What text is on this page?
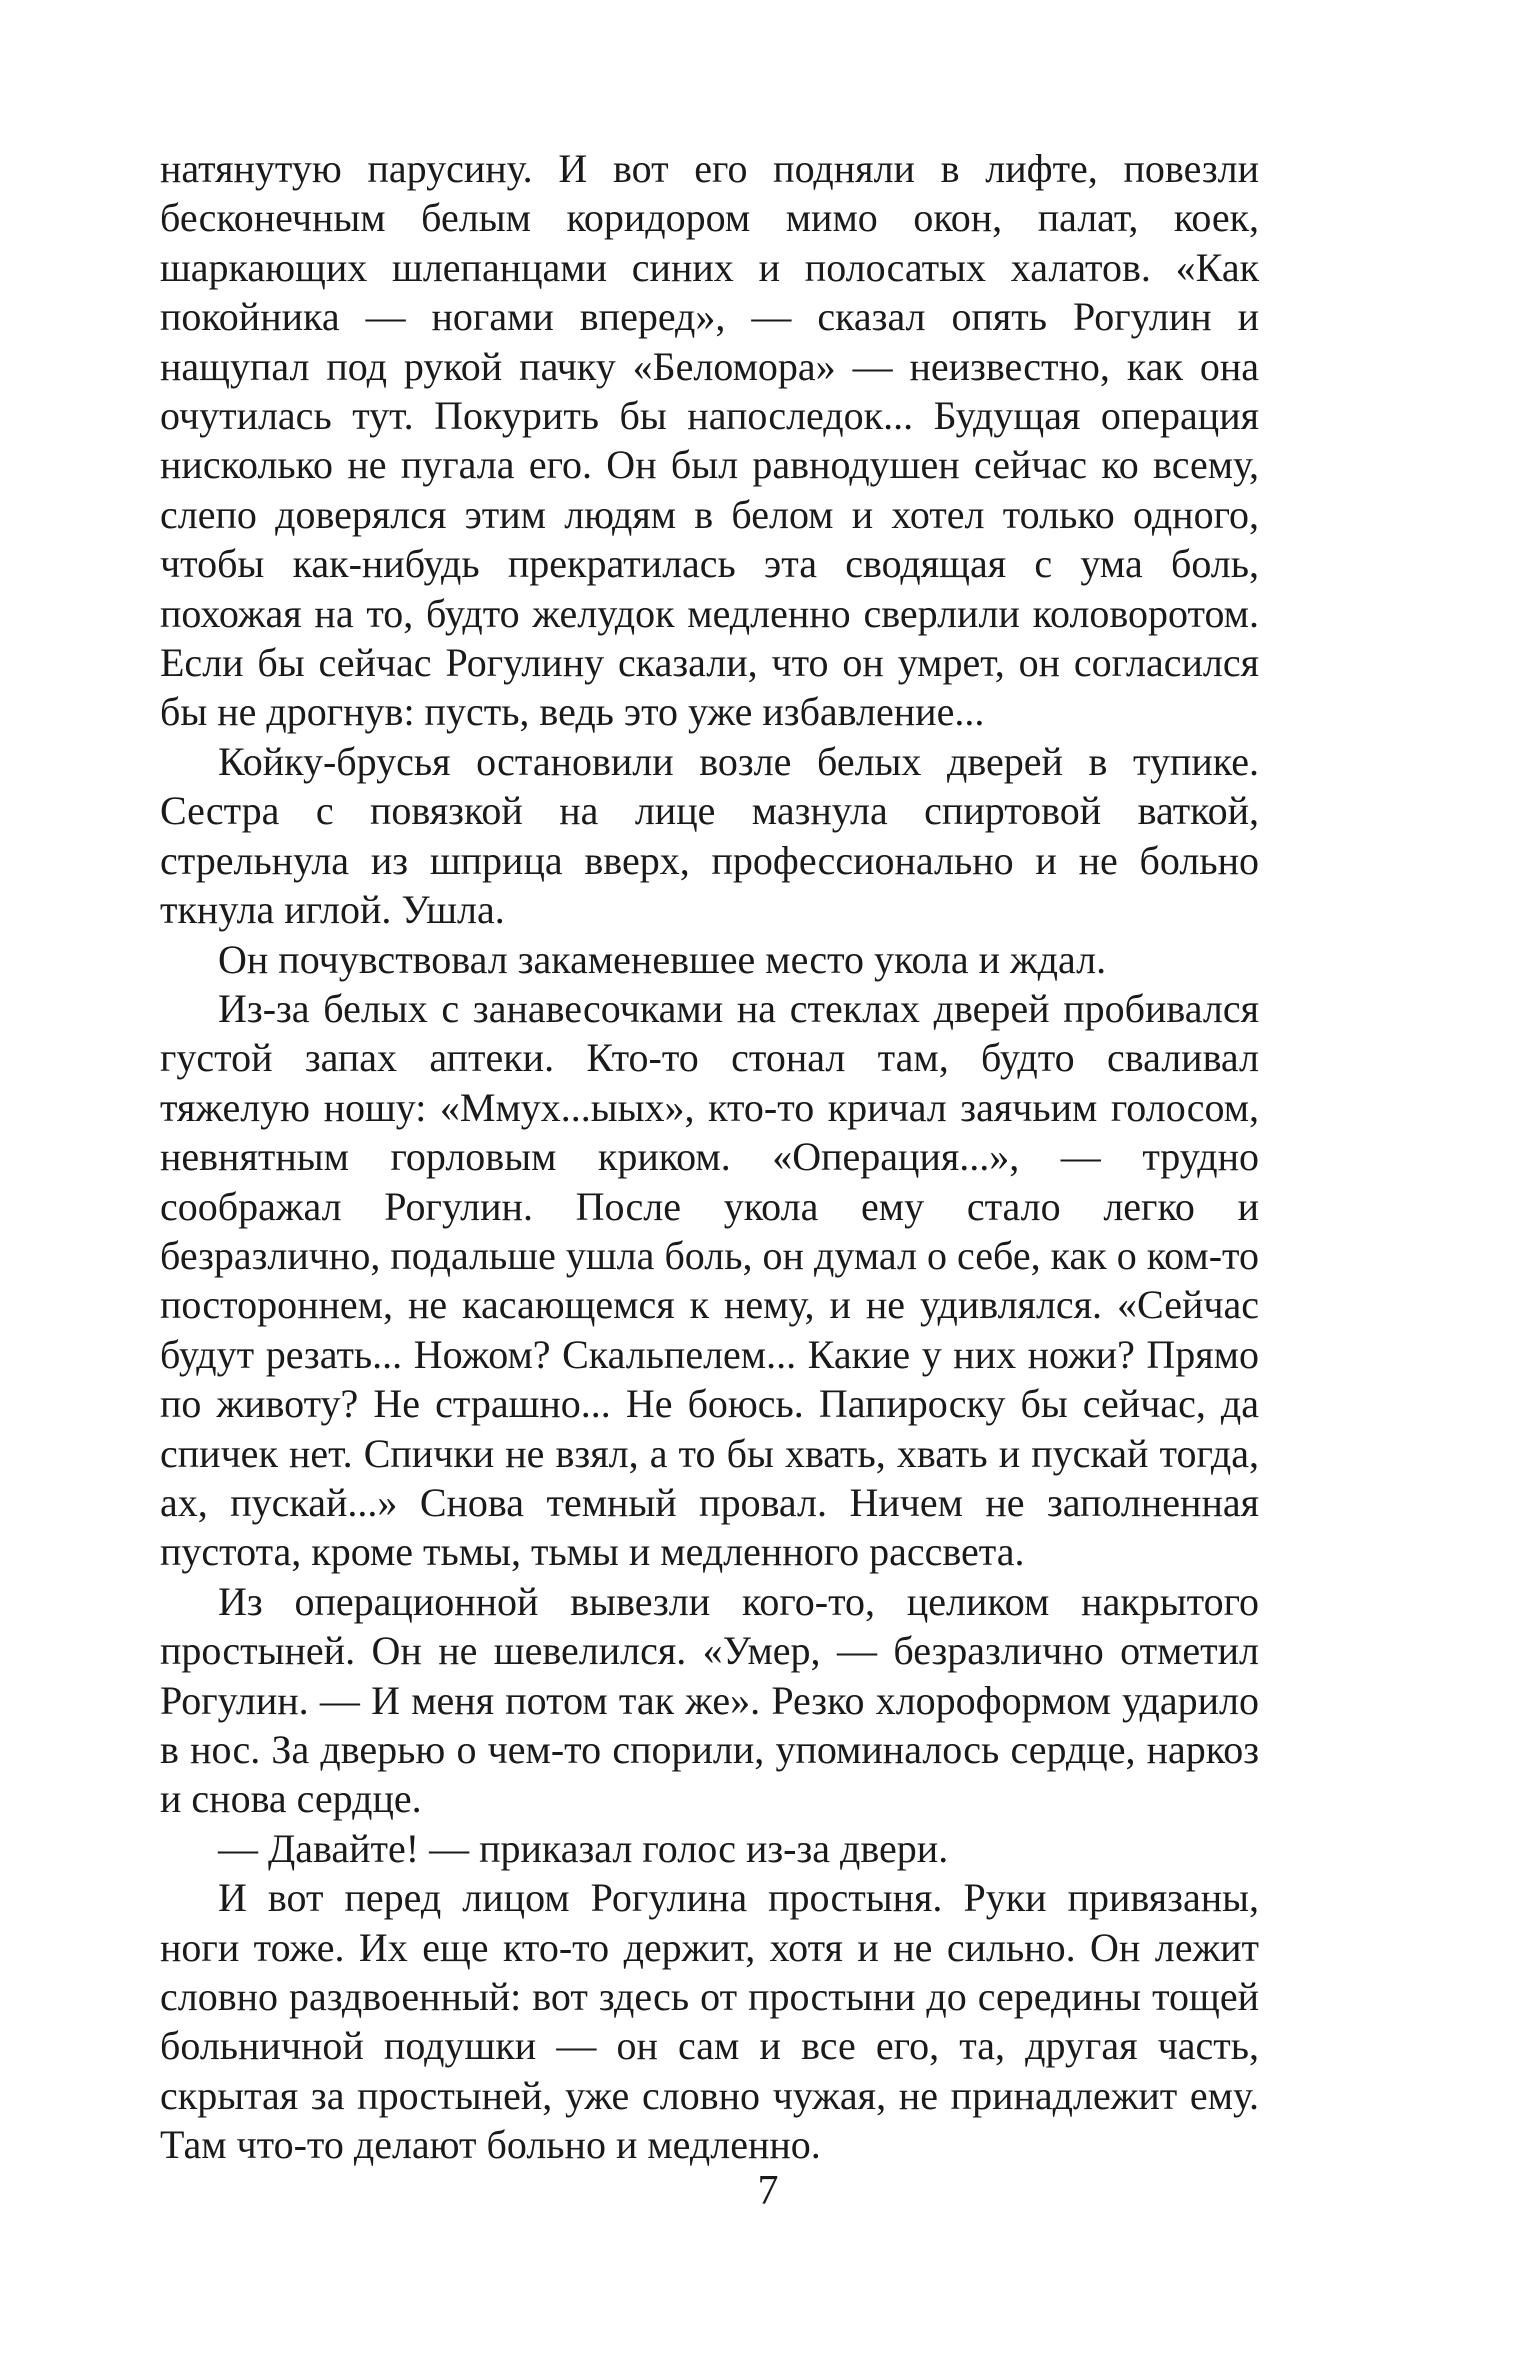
натянутую парусину. И вот его подняли в лифте, повезли бесконечным белым коридором мимо окон, палат, коек, шаркающих шлепанцами синих и полосатых халатов. «Как покойника — ногами вперед», — сказал опять Рогулин и нащупал под рукой пачку «Беломора» — неизвестно, как она очутилась тут. Покурить бы напоследок... Будущая операция нисколько не пугала его. Он был равнодушен сейчас ко всему, слепо доверялся этим людям в белом и хотел только одного, чтобы как-нибудь прекратилась эта сводящая с ума боль, похожая на то, будто желудок медленно сверлили коловоротом. Если бы сейчас Рогулину сказали, что он умрет, он согласился бы не дрогнув: пусть, ведь это уже избавление...

Койку-брусья остановили возле белых дверей в тупике. Сестра с повязкой на лице мазнула спиртовой ваткой, стрельнула из шприца вверх, профессионально и не больно ткнула иглой. Ушла.

Он почувствовал закаменевшее место укола и ждал.

Из-за белых с занавесочками на стеклах дверей пробивался густой запах аптеки. Кто-то стонал там, будто сваливал тяжелую ношу: «Ммух...ыых», кто-то кричал заячьим голосом, невнятным горловым криком. «Операция...», — трудно соображал Рогулин. После укола ему стало легко и безразлично, подальше ушла боль, он думал о себе, как о ком-то постороннем, не касающемся к нему, и не удивлялся. «Сейчас будут резать... Ножом? Скальпелем... Какие у них ножи? Прямо по животу? Не страшно... Не боюсь. Папироску бы сейчас, да спичек нет. Спички не взял, а то бы хвать, хвать и пускай тогда, ах, пускай...» Снова темный провал. Ничем не заполненная пустота, кроме тьмы, тьмы и медленного рассвета.

Из операционной вывезли кого-то, целиком накрытого простыней. Он не шевелился. «Умер, — безразлично отметил Рогулин. — И меня потом так же». Резко хлороформом ударило в нос. За дверью о чем-то спорили, упоминалось сердце, наркоз и снова сердце.

— Давайте! — приказал голос из-за двери.

И вот перед лицом Рогулина простыня. Руки привязаны, ноги тоже. Их еще кто-то держит, хотя и не сильно. Он лежит словно раздвоенный: вот здесь от простыни до середины тощей больничной подушки — он сам и все его, та, другая часть, скрытая за простыней, уже словно чужая, не принадлежит ему. Там что-то делают больно и медленно.

7
